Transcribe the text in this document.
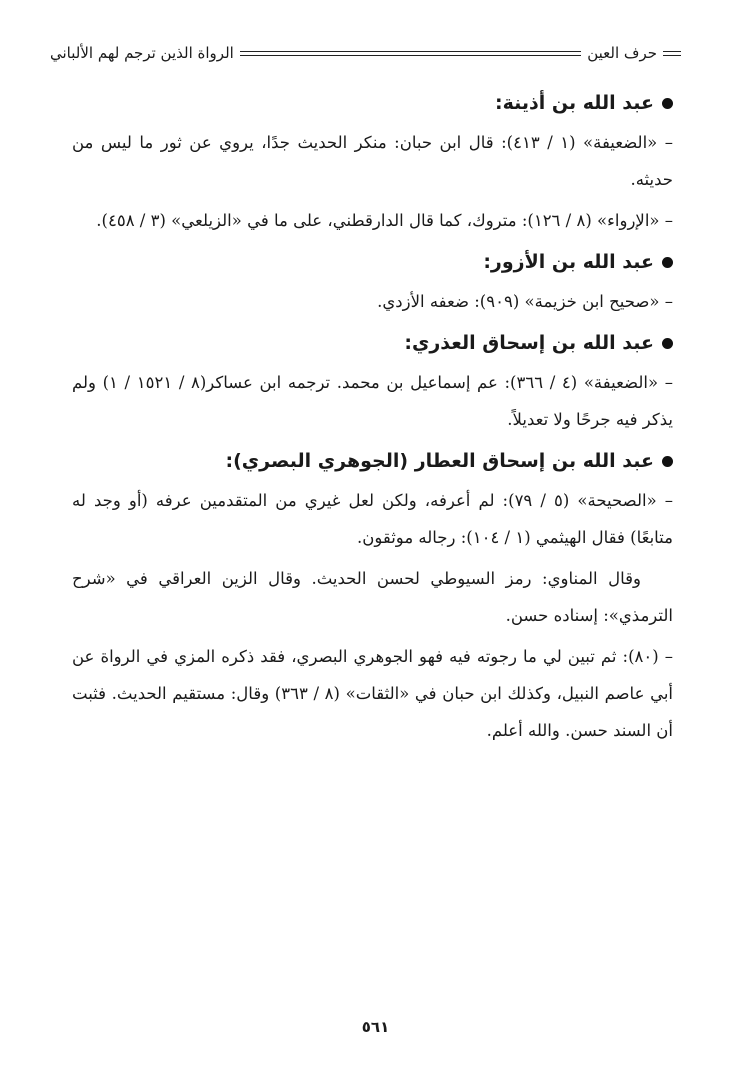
حرف العين
الرواة الذين ترجم لهم الألباني
عبد الله بن أذينة:

– «الضعيفة» (١ / ٤١٣): قال ابن حبان: منكر الحديث جدًا، يروي عن ثور ما ليس من حديثه.

– «الإرواء» (٨ / ١٢٦): متروك، كما قال الدارقطني، على ما في «الزيلعي» (٣ / ٤٥٨).

عبد الله بن الأزور:

– «صحيح ابن خزيمة» (٩٠٩): ضعفه الأزدي.

عبد الله بن إسحاق العذري:

– «الضعيفة» (٤ / ٣٦٦): عم إسماعيل بن محمد. ترجمه ابن عساكر(٨ / ١٥٢١ / ١) ولم يذكر فيه جرحًا ولا تعديلاً.

عبد الله بن إسحاق العطار (الجوهري البصري):

– «الصحيحة» (٥ / ٧٩): لم أعرفه، ولكن لعل غيري من المتقدمين عرفه (أو وجد له متابعًا) فقال الهيثمي (١ / ١٠٤): رجاله موثقون.

وقال المناوي: رمز السيوطي لحسن الحديث. وقال الزين العراقي في «شرح الترمذي»: إسناده حسن.

– (٨٠): ثم تبين لي ما رجوته فيه فهو الجوهري البصري، فقد ذكره المزي في الرواة عن أبي عاصم النبيل، وكذلك ابن حبان في «الثقات» (٨ / ٣٦٣) وقال: مستقيم الحديث. فثبت أن السند حسن. والله أعلم.

٥٦١
